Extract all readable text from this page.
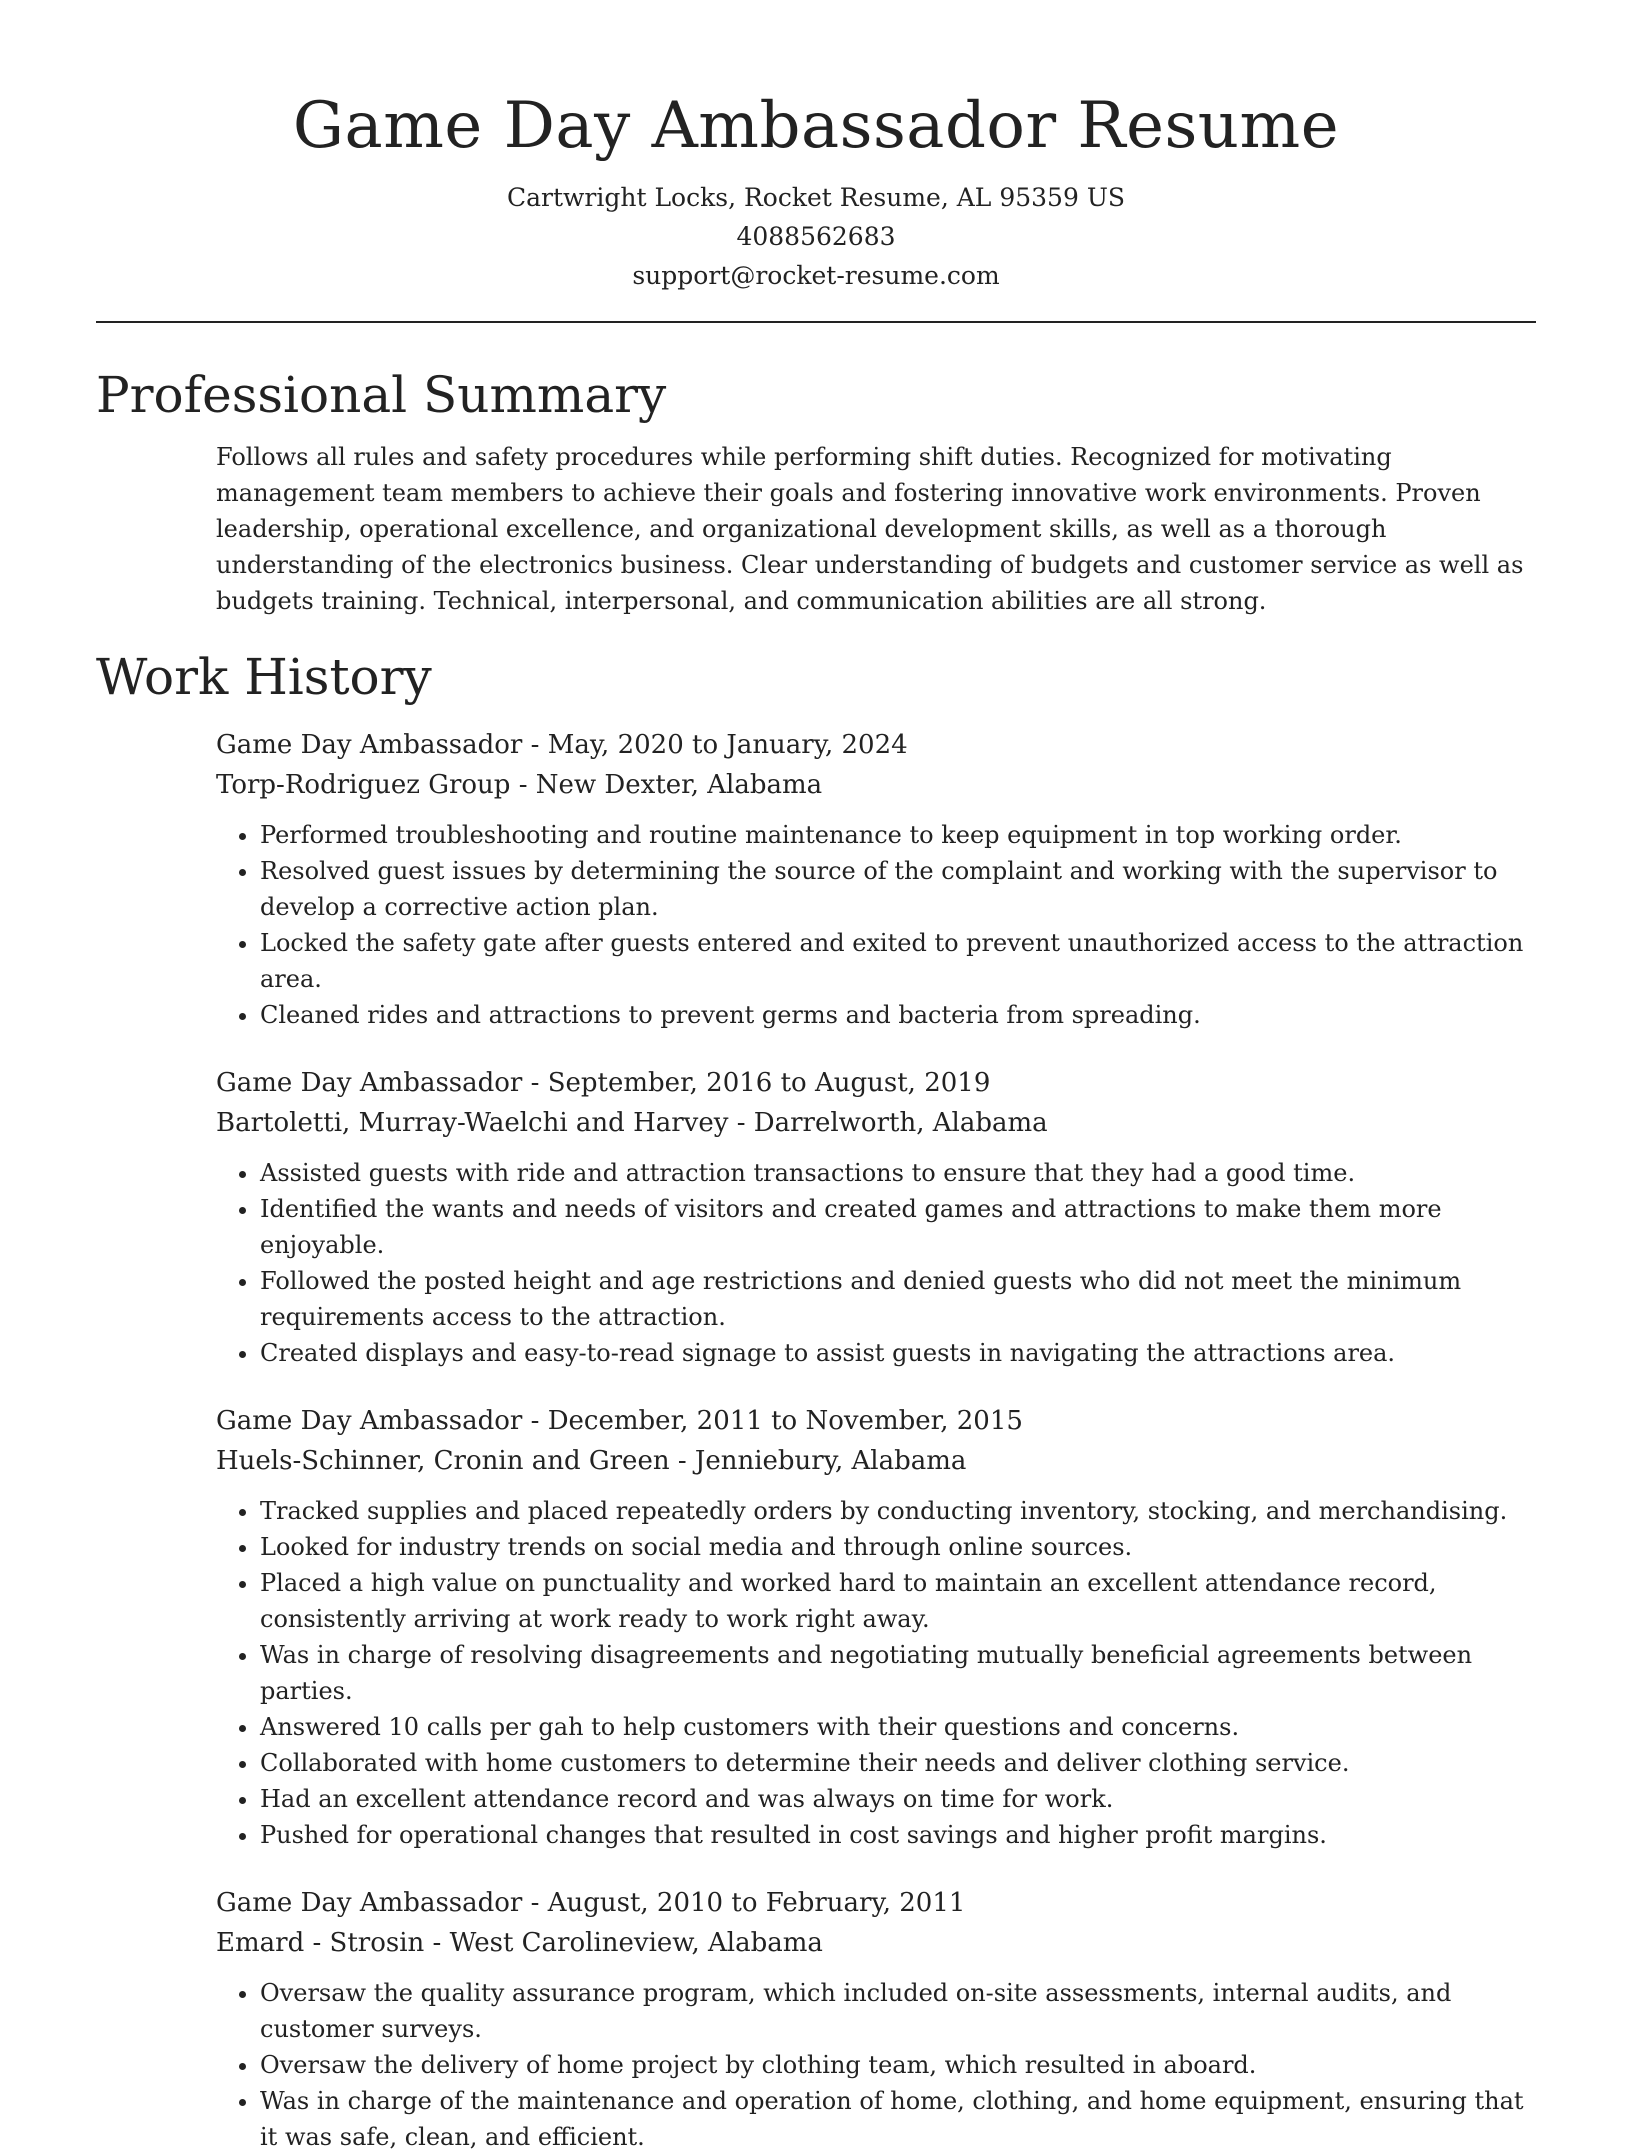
Game Day Ambassador Resume
Cartwright Locks, Rocket Resume, AL 95359 US
4088562683
support@rocket-resume.com
Professional Summary

Follows all rules and safety procedures while performing shift duties. Recognized for motivating management team members to achieve their goals and fostering innovative work environments. Proven leadership, operational excellence, and organizational development skills, as well as a thorough understanding of the electronics business. Clear understanding of budgets and customer service as well as budgets training. Technical, interpersonal, and communication abilities are all strong.

Work History

Game Day Ambassador - May, 2020 to January, 2024

Torp-Rodriguez Group - New Dexter, Alabama

• Performed troubleshooting and routine maintenance to keep equipment in top working order.
• Resolved guest issues by determining the source of the complaint and working with the supervisor to develop a corrective action plan.
• Locked the safety gate after guests entered and exited to prevent unauthorized access to the attraction area.
• Cleaned rides and attractions to prevent germs and bacteria from spreading.

Game Day Ambassador - September, 2016 to August, 2019

Bartoletti, Murray-Waelchi and Harvey - Darrelworth, Alabama

• Assisted guests with ride and attraction transactions to ensure that they had a good time.
• Identified the wants and needs of visitors and created games and attractions to make them more enjoyable.
• Followed the posted height and age restrictions and denied guests who did not meet the minimum requirements access to the attraction.
• Created displays and easy-to-read signage to assist guests in navigating the attractions area.

Game Day Ambassador - December, 2011 to November, 2015

Huels-Schinner, Cronin and Green - Jenniebury, Alabama

• Tracked supplies and placed repeatedly orders by conducting inventory, stocking, and merchandising.
• Looked for industry trends on social media and through online sources.
• Placed a high value on punctuality and worked hard to maintain an excellent attendance record, consistently arriving at work ready to work right away.
• Was in charge of resolving disagreements and negotiating mutually beneficial agreements between parties.
• Answered 10 calls per gah to help customers with their questions and concerns.
• Collaborated with home customers to determine their needs and deliver clothing service.
• Had an excellent attendance record and was always on time for work.
• Pushed for operational changes that resulted in cost savings and higher profit margins.

Game Day Ambassador - August, 2010 to February, 2011

Emard - Strosin - West Carolineview, Alabama

• Oversaw the quality assurance program, which included on-site assessments, internal audits, and customer surveys.
• Oversaw the delivery of home project by clothing team, which resulted in aboard.
• Was in charge of the maintenance and operation of home, clothing, and home equipment, ensuring that it was safe, clean, and efficient.
